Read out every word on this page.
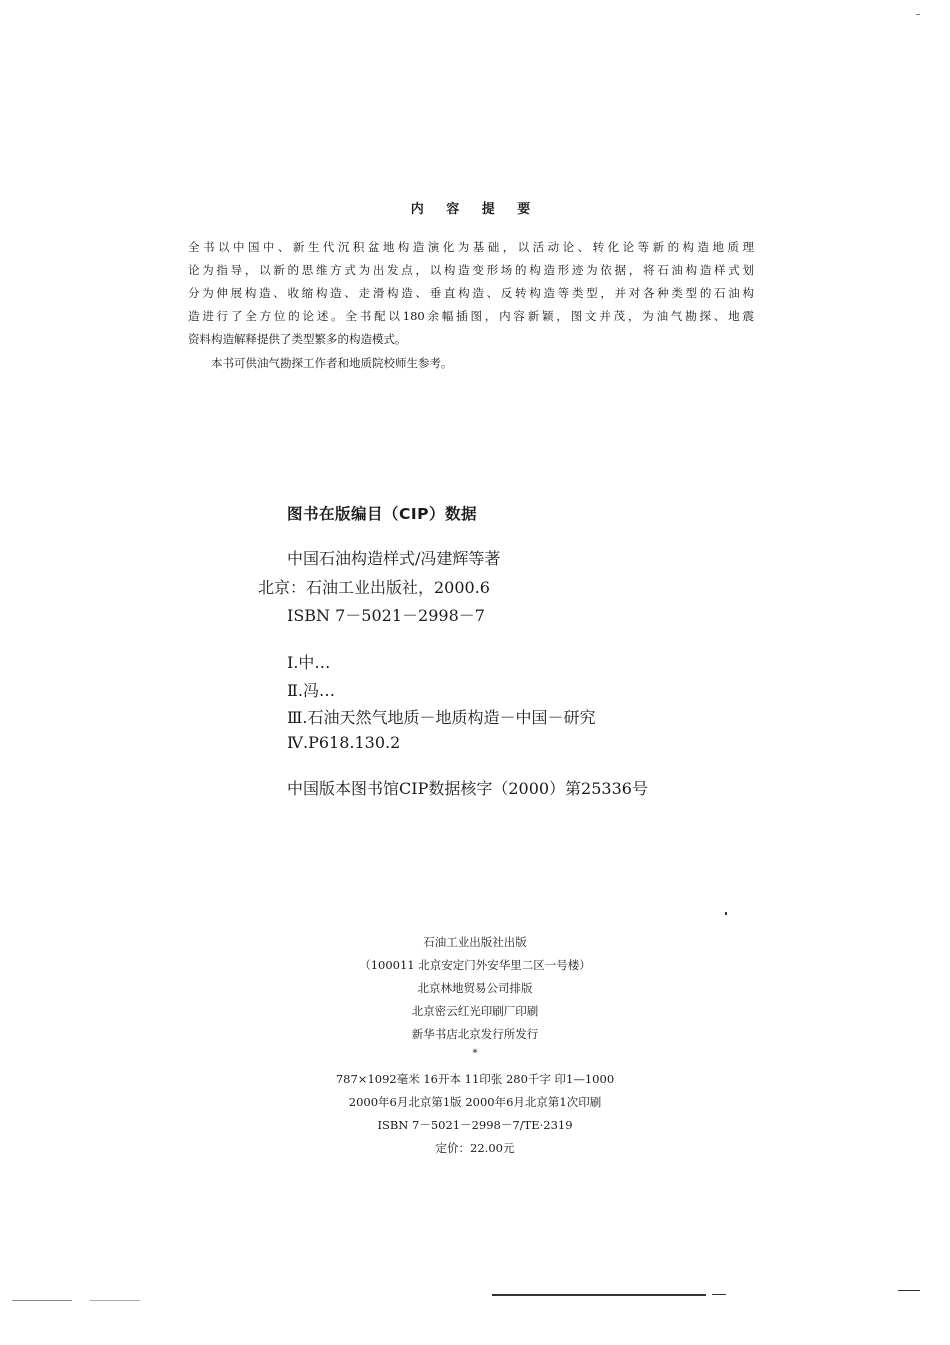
内 容 提 要

全书以中国中、新生代沉积盆地构造演化为基础，以活动论、转化论等新的构造地质理

论为指导，以新的思维方式为出发点，以构造变形场的构造形迹为依据，将石油构造样式划

分为伸展构造、收缩构造、走滑构造、垂直构造、反转构造等类型，并对各种类型的石油构

造进行了全方位的论述。全书配以180余幅插图，内容新颖，图文并茂，为油气勘探、地震

资料构造解释提供了类型繁多的构造模式。

本书可供油气勘探工作者和地质院校师生参考。
图书在版编目（CIP）数据
中国石油构造样式/冯建辉等著
北京：石油工业出版社，2000.6
ISBN 7－5021－2998－7
Ⅰ.中…
Ⅱ.冯…
Ⅲ.石油天然气地质－地质构造－中国－研究
Ⅳ.P618.130.2
中国版本图书馆CIP数据核字（2000）第25336号
石油工业出版社出版
（100011 北京安定门外安华里二区一号楼）
北京林地贸易公司排版
北京密云红光印刷厂印刷
新华书店北京发行所发行
*
787×1092毫米 16开本 11印张 280千字 印1—1000
2000年6月北京第1版 2000年6月北京第1次印刷
ISBN 7－5021－2998－7/TE·2319
定价：22.00元
